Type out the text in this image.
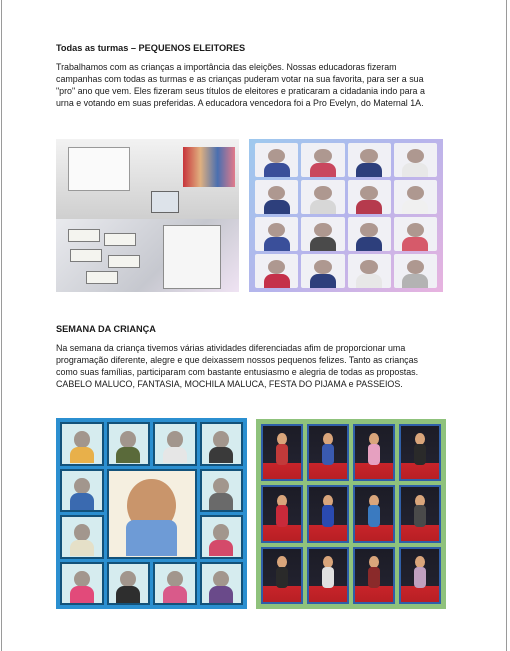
Todas as turmas – PEQUENOS ELEITORES

Trabalhamos com as crianças a importância das eleições. Nossas educadoras fizeram
campanhas com todas as turmas e as crianças puderam votar na sua favorita, para ser a sua
"pro" ano que vem. Eles fizeram seus títulos de eleitores e praticaram a cidadania indo para a
urna e votando em suas preferidas. A educadora vencedora foi a Pro Evelyn, do Maternal 1A.

SEMANA DA CRIANÇA

Na semana da criança tivemos várias atividades diferenciadas afim de proporcionar uma
programação diferente, alegre e que deixassem nossos pequenos felizes. Tanto as crianças
como suas famílias, participaram com bastante entusiasmo e alegria de todas as propostas.
CABELO MALUCO, FANTASIA, MOCHILA MALUCA, FESTA DO PIJAMA e PASSEIOS.
